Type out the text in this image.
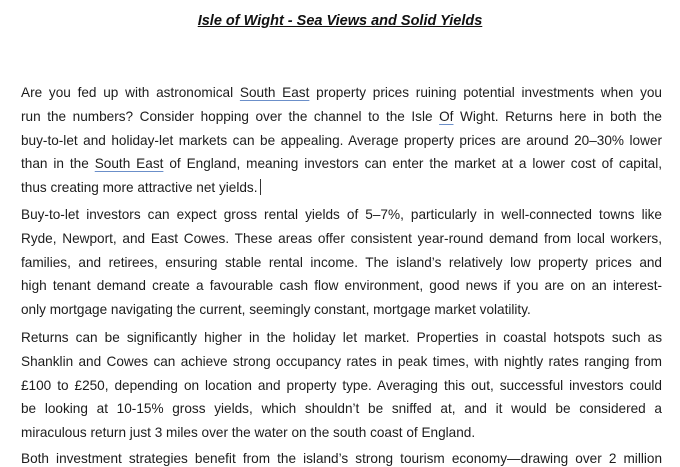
Isle of Wight - Sea Views and Solid Yields

Are you fed up with astronomical South East property prices ruining potential investments when you
run the numbers? Consider hopping over the channel to the Isle Of Wight. Returns here in both the
buy-to-let and holiday-let markets can be appealing. Average property prices are around 20–30% lower
than in the South East of England, meaning investors can enter the market at a lower cost of capital,
thus creating more attractive net yields.

Buy-to-let investors can expect gross rental yields of 5–7%, particularly in well-connected towns like
Ryde, Newport, and East Cowes. These areas offer consistent year-round demand from local workers,
families, and retirees, ensuring stable rental income. The island’s relatively low property prices and
high tenant demand create a favourable cash flow environment, good news if you are on an interest-
only mortgage navigating the current, seemingly constant, mortgage market volatility.

Returns can be significantly higher in the holiday let market. Properties in coastal hotspots such as
Shanklin and Cowes can achieve strong occupancy rates in peak times, with nightly rates ranging from
£100 to £250, depending on location and property type. Averaging this out, successful investors could
be looking at 10-15% gross yields, which shouldn’t be sniffed at, and it would be considered a
miraculous return just 3 miles over the water on the south coast of England.

Both investment strategies benefit from the island’s strong tourism economy—drawing over 2 million
